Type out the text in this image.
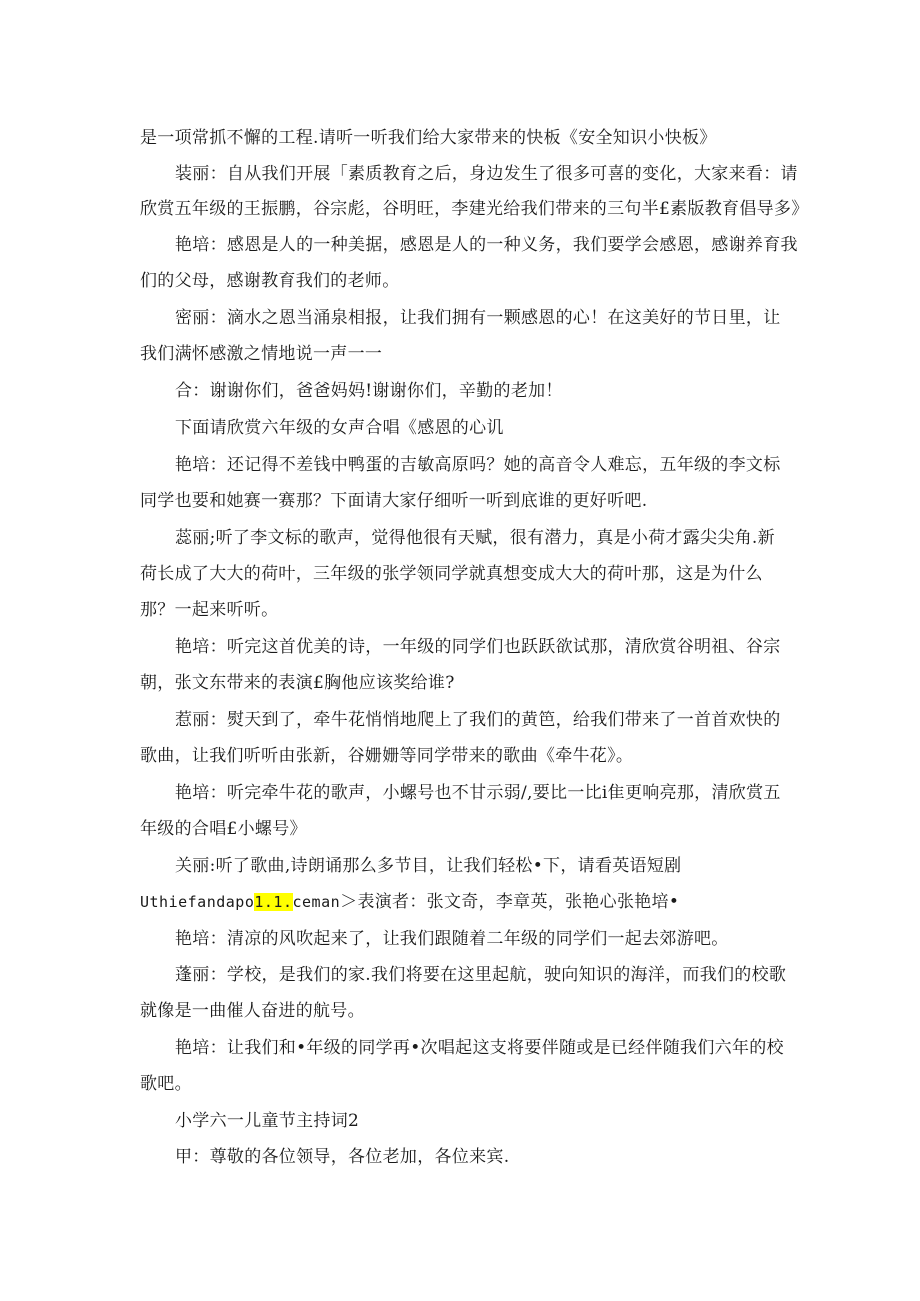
是一项常抓不懈的工程.请听一听我们给大家带来的快板《安全知识小快板》
装丽：自从我们开展「素质教育之后，身边发生了很多可喜的变化，大家来看：请
欣赏五年级的王振鹏，谷宗彪，谷明旺，李建光给我们带来的三句半£素版教育倡导多》
艳培：感恩是人的一种美据，感恩是人的一种义务，我们要学会感恩，感谢养育我
们的父母，感谢教育我们的老师。
密丽：滴水之恩当涌泉相报，让我们拥有一颗感恩的心！在这美好的节日里，让
我们满怀感激之情地说一声一一
合：谢谢你们，爸爸妈妈!谢谢你们，辛勤的老加！
下面请欣赏六年级的女声合唱《感恩的心讥
艳培：还记得不差钱中鸭蛋的吉敏高原吗？她的高音令人难忘，五年级的李文标
同学也要和她赛一赛那？下面请大家仔细听一听到底谁的更好听吧.
蕊丽;听了李文标的歌声，觉得他很有天赋，很有潜力，真是小荷才露尖尖角.新
荷长成了大大的荷叶，三年级的张学领同学就真想变成大大的荷叶那，这是为什么
那？一起来听听。
艳培：听完这首优美的诗，一年级的同学们也跃跃欲试那，清欣赏谷明祖、谷宗
朝，张文东带来的表演£胸他应该奖给谁?
惹丽：熨天到了，牵牛花悄悄地爬上了我们的黄笆，给我们带来了一首首欢快的
歌曲，让我们听听由张新，谷姗姗等同学带来的歌曲《牵牛花》。
艳培：听完牵牛花的歌声，小螺号也不甘示弱/,要比一比i隹更响亮那，清欣赏五
年级的合唱£小螺号》
关丽:听了歌曲,诗朗诵那么多节目，让我们轻松•下，请看英语短剧
Uthiefandapo1.1.ceman＞表演者：张文奇，李章英，张艳心张艳培•
艳培：清凉的风吹起来了，让我们跟随着二年级的同学们一起去郊游吧。
蓬丽：学校，是我们的家.我们将要在这里起航，驶向知识的海洋，而我们的校歌
就像是一曲催人奋进的航号。
艳培：让我们和•年级的同学再•次唱起这支将要伴随或是已经伴随我们六年的校
歌吧。
小学六一儿童节主持词2
甲：尊敬的各位领导，各位老加，各位来宾.
